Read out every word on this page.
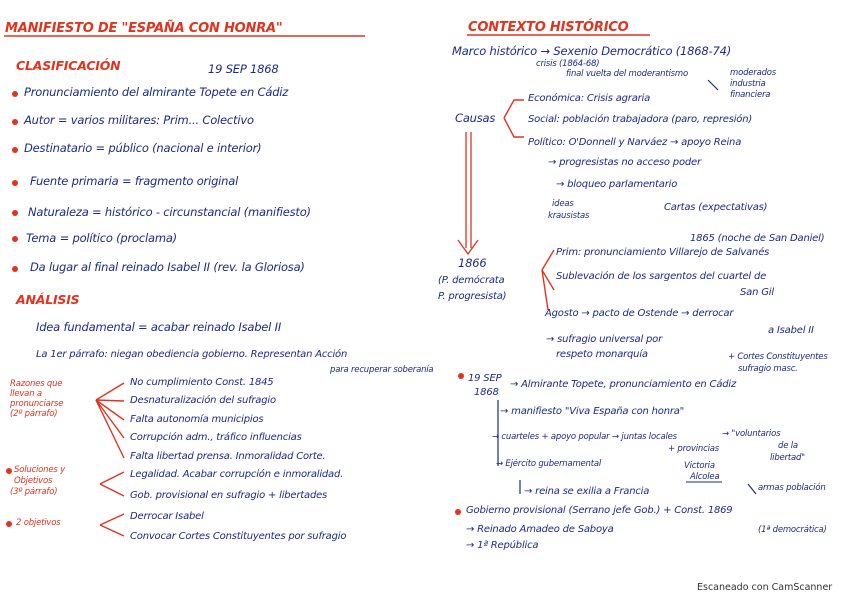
MANIFIESTO DE "ESPAÑA CON HONRA"	CONTEXTO HISTÓRICO
CLASIFICACIÓN	19 SEP 1868
Pronunciamiento del almirante Topete en Cádiz
Autor = varios militares: Prim... Colectivo
Destinatario = público (nacional e interior)
Fuente primaria = fragmento original
Naturaleza = histórico - circunstancial (manifiesto)
Tema = político (proclama)
Da lugar al final reinado Isabel II (rev. la Gloriosa)
ANÁLISIS
Idea fundamental = acabar reinado Isabel II
La 1er párrafo: niegan obediencia gobierno. Representan Acción
para recuperar soberanía
Razones que
llevan a
pronunciarse
(2º párrafo)
No cumplimiento Const. 1845
Desnaturalización del sufragio
Falta autonomía municipios
Corrupción adm., tráfico influencias
Falta libertad prensa. Inmoralidad Corte.
Soluciones y
Objetivos
(3º párrafo)
Legalidad. Acabar corrupción e inmoralidad.
Gob. provisional en sufragio + libertades
2 objetivos
Derrocar Isabel
Convocar Cortes Constituyentes por sufragio
Marco histórico → Sexenio Democrático (1868-74)
crisis (1864-68)
final vuelta del moderantismo	moderados
industria
financiera
Causas
Económica: Crisis agraria
Social: población trabajadora (paro, represión)
Político: O'Donnell y Narváez → apoyo Reina
→ progresistas no acceso poder
→ bloqueo parlamentario
ideas
krausistas
Cartas (expectativas)
1865 (noche de San Daniel)
1866
(P. demócrata
P. progresista)
Prim: pronunciamiento Villarejo de Salvanés
Sublevación de los sargentos del cuartel de
San Gil
Agosto → pacto de Ostende → derrocar
a Isabel II
→ sufragio universal por
respeto monarquía	+ Cortes Constituyentes
sufragio masc.
19 SEP
1868
→ Almirante Topete, pronunciamiento en Cádiz
→ manifiesto "Viva España con honra"
→ cuarteles + apoyo popular → juntas locales	→ "voluntarios
de la
libertad"
+ provincias
→ Ejército gubernamental	Victoria
Alcolea
armas población
→ reina se exilia a Francia
Gobierno provisional (Serrano jefe Gob.) + Const. 1869
→ Reinado Amadeo de Saboya	(1ª democrática)
→ 1ª República
Escaneado con CamScanner
